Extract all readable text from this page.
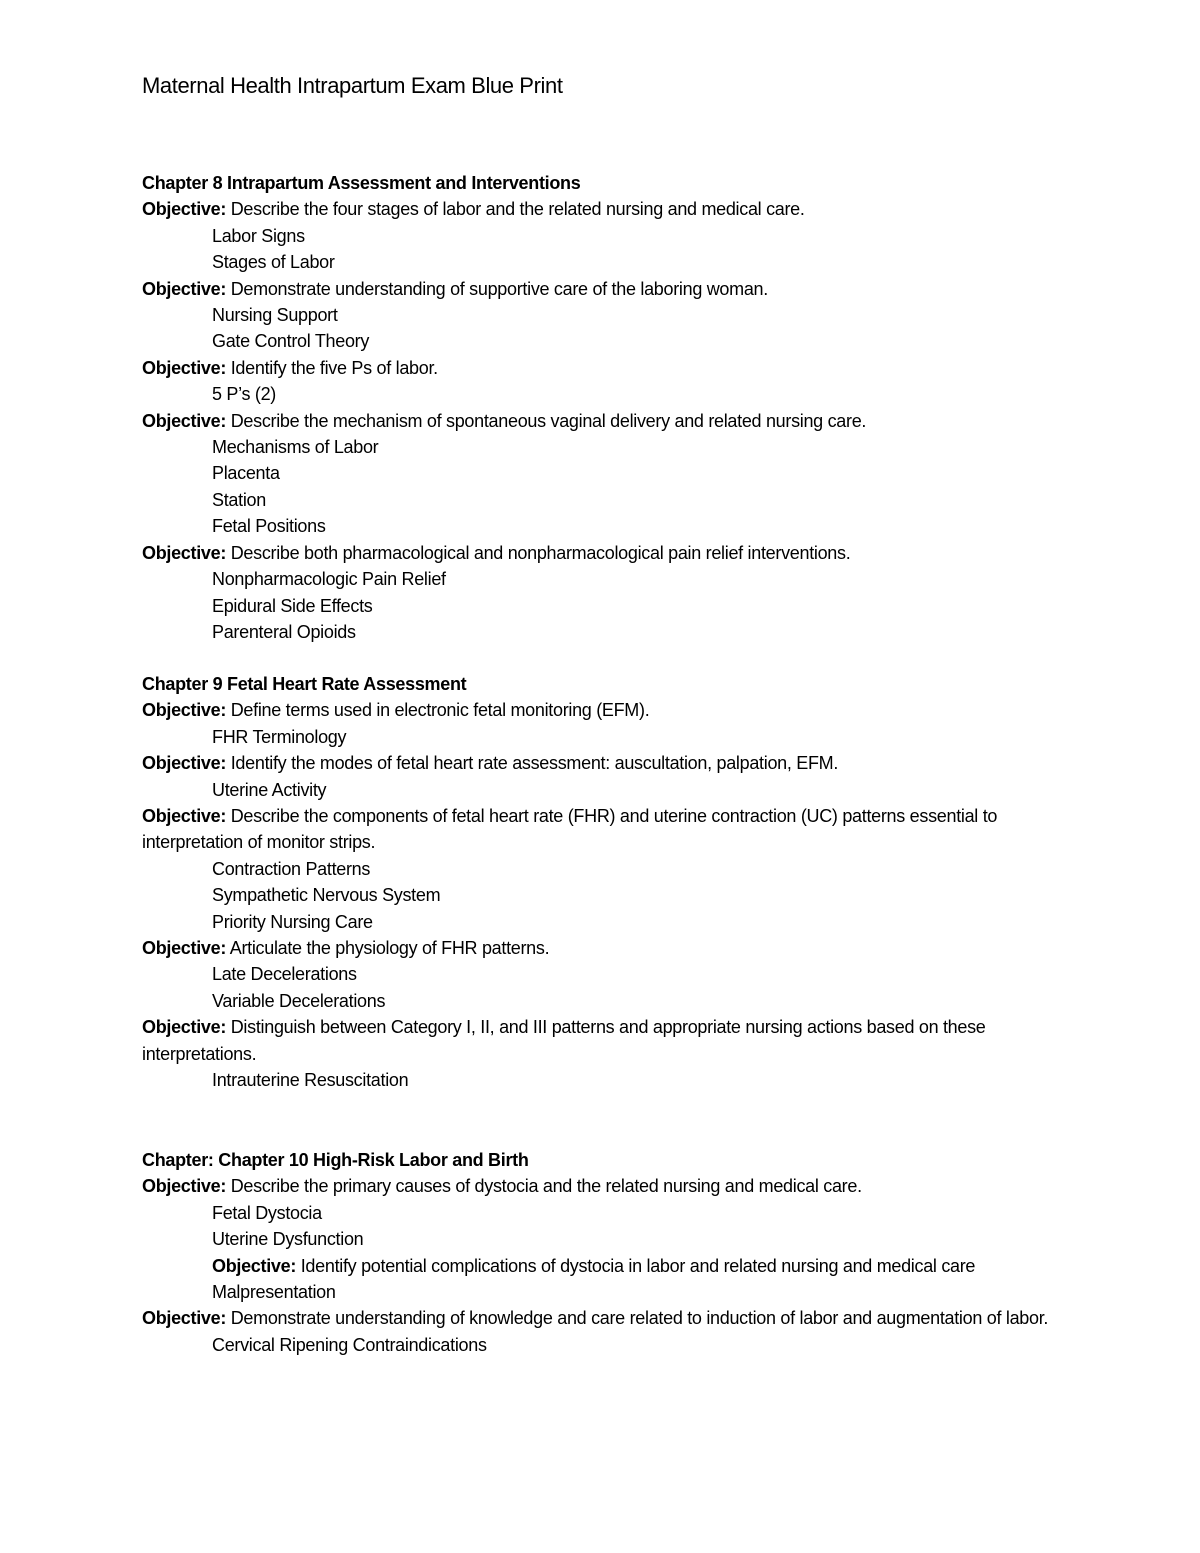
Maternal Health Intrapartum Exam Blue Print
Chapter 8 Intrapartum Assessment and Interventions
Objective: Describe the four stages of labor and the related nursing and medical care.
Labor Signs
Stages of Labor
Objective: Demonstrate understanding of supportive care of the laboring woman.
Nursing Support
Gate Control Theory
Objective: Identify the five Ps of labor.
5 P’s (2)
Objective: Describe the mechanism of spontaneous vaginal delivery and related nursing care.
Mechanisms of Labor
Placenta
Station
Fetal Positions
Objective: Describe both pharmacological and nonpharmacological pain relief interventions.
Nonpharmacologic Pain Relief
Epidural Side Effects
Parenteral Opioids
Chapter 9 Fetal Heart Rate Assessment
Objective: Define terms used in electronic fetal monitoring (EFM).
FHR Terminology
Objective: Identify the modes of fetal heart rate assessment: auscultation, palpation, EFM.
Uterine Activity
Objective: Describe the components of fetal heart rate (FHR) and uterine contraction (UC) patterns essential to interpretation of monitor strips.
Contraction Patterns
Sympathetic Nervous System
Priority Nursing Care
Objective: Articulate the physiology of FHR patterns.
Late Decelerations
Variable Decelerations
Objective: Distinguish between Category I, II, and III patterns and appropriate nursing actions based on these interpretations.
Intrauterine Resuscitation
Chapter: Chapter 10 High-Risk Labor and Birth
Objective: Describe the primary causes of dystocia and the related nursing and medical care.
Fetal Dystocia
Uterine Dysfunction
Objective: Identify potential complications of dystocia in labor and related nursing and medical care
Malpresentation
Objective: Demonstrate understanding of knowledge and care related to induction of labor and augmentation of labor.
Cervical Ripening Contraindications
